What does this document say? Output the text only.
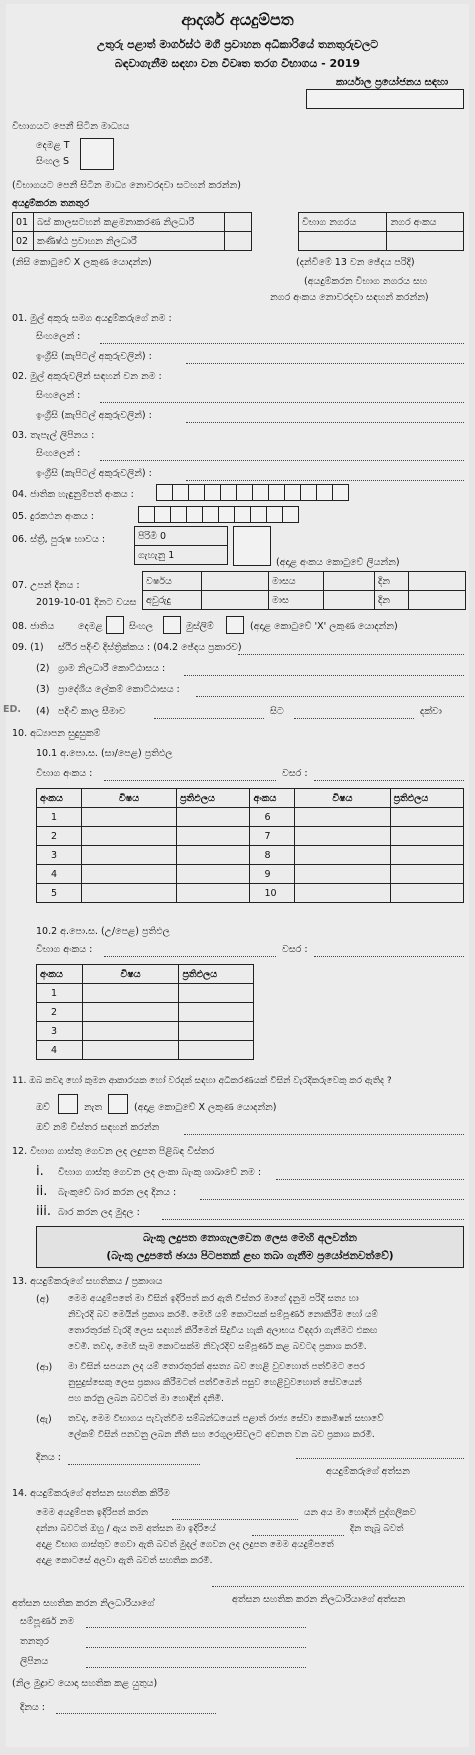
ආදර්ශ අයදුම්පත
උතුරු පළාත් මාර්ගස්ථ මගී ප්‍රවාහන අධිකාරියේ තනතුරුවලට
බඳවාගැනීම සඳහා වන විවෘත තරග විභාගය - 2019
කාර්යාල ප්‍රයෝජනය සඳහා
විභාගයට පෙනී සිටින මාධ්‍යය
දෙමළ T
සිංහල S
(විභාගයට පෙනී සිටින මාධ්‍ය නොවරදවා සටහන් කරන්න)
අයදුම්කරන තනතුර
01	බස් කාලසටහන් කළමනාකරණ නිලධාරී	
02	කණිෂ්ඨ ප්‍රවාහන නිලධාරී	
විභාග නගරය	නගර අංකය

(නිසි කොටුවේ X ලකුණ යොදන්න)	(දන්වීමේ 13 වන ඡේදය පරිදි)
(අයදුම්කරන විභාග නගරය සහ
නගර අංකය නොවරදවා සඳහන් කරන්න)
01. මුල් අකුරු සමග අයදුම්කරුගේ නම :
සිංහලෙන් :
ඉංග්‍රීසි (කැපිටල් අකුරුවලින්) :
02. මුල් අකුරුවලින් සඳහන් වන නම :
සිංහලෙන් :
ඉංග්‍රීසි (කැපිටල් අකුරුවලින්) :
03. තැපැල් ලිපිනය :
සිංහලෙන් :
ඉංග්‍රීසි (කැපිටල් අකුරුවලින්) :
04. ජාතික හැඳුනුම්පත් අංකය :
05. දුරකථන අංකය :
06. ස්ත්‍රී, පුරුෂ භාවය :	පිරිමි 0
ගැහැනු 1
(අදාළ අංකය කොටුවේ ලියන්න)
07. උපන් දිනය :	වර්ෂය		මාසය		දින	
අවුරුදු		මාස		දින	
2019-10-01 දිනට වයස
08. ජාතිය	දෙමළ	සිංහල	මුස්ලිම්	(අදාළ කොටුවේ 'X' ලකුණ යොදන්න)
09. (1) ස්ථිර පදිංචි දිස්ත්‍රික්කය : (04.2 ඡේදය ප්‍රකාරව)
(2) ග්‍රාම නිලධාරී කොට්ඨාසය :
(3) ප්‍රාදේශීය ලේකම් කොට්ඨාසය :
ED. (4) පදිංචි කාල සීමාව	සිට	දක්වා
10. අධ්‍යාපන සුදුසුකම්
10.1 අ.පො.ස. (සා/පෙළ) ප්‍රතිඵල
විභාග අංකය :	වසර :
අංකය	විෂය	ප්‍රතිඵලය	අංකය	විෂය	ප්‍රතිඵලය
1			6		
2			7		
3			8		
4			9		
5			10		
10.2 අ.පො.ස. (උ/පෙළ) ප්‍රතිඵල
විභාග අංකය :	වසර :
අංකය	විෂය	ප්‍රතිඵලය
1		
2		
3		
4		
11. ඔබ කවදා හෝ කුමන ආකාරයක හෝ වරදක් සඳහා අධිකරණයක් විසින් වැරදිකරුවෙකු කර ඇතිද ?
ඔව්	නැත	(අදාළ කොටුවේ X ලකුණ යොදන්න)
ඔව් නම් විස්තර සඳහන් කරන්න
12. විභාග ගාස්තු ගෙවන ලද ලදුපත පිළිබඳ විස්තර
i. විභාග ගාස්තු ගෙවන ලද ලංකා බැංකු ශාඛාවේ නම :
ii. බැංකුවේ බාර කරන ලද දිනය :
iii. බාර කරන ලද මුදල :
බැංකු ලදුපත නොගැලවෙන ලෙස මෙහි අලවන්න
(බැංකු ලදුපතේ ඡායා පිටපතක් ළඟ තබා ගැනීම ප්‍රයෝජනවත්වේ)
13. අයදුම්කරුගේ සහතිකය / ප්‍රකාශය
(අ) මෙම අයදුම්පතේ මා විසින් ඉදිරිපත් කර ඇති විස්තර මාගේ දැනුම පරිදි සත්‍ය හා
නිවැරදි බව මෙයින් ප්‍රකාශ කරමි. මෙහි යම් කොටසක් සම්පූර්ණ නොකිරීම හෝ යම්
තොරතුරක් වැරදි ලෙස සඳහන් කිරීමෙන් සිදුවිය හැකි අලාභය විඳදරා ගැනීමට එකඟ
වෙමි. තවද, මෙහි සෑම කොටසක්ම නිවැරදිව සම්පූර්ණ කළ බවටද ප්‍රකාශ කරමි.
(ආ) මා විසින් සපයන ලද යම් තොරතුරක් අසත්‍ය බව හෙළි වුවහොත් පත්වීමට පෙර
නුසුදුස්සෙකු ලෙස ප්‍රකාශ කිරීමටත් පත්වීමෙන් පසුව හෙළිවුවහොත් සේවයෙන්
පහ කරනු ලබන බවටත් මා හොඳින් දනිමි.
(ඇ) තවද, මෙම විභාගය පැවැත්වීම සම්බන්ධයෙන් පළාත් රාජ්‍ය සේවා කොමිෂන් සභාවේ
ලේකම් විසින් පනවනු ලබන නීති සහ රෙගුලාසිවලට අවනත වන බව ප්‍රකාශ කරමි.
දිනය :
අයදුම්කරුගේ අත්සන
14. අයදුම්කරුගේ අත්සන සහතික කිරීම
මෙම අයදුම්පත ඉදිරිපත් කරන	යන අය මා හොඳින් පුද්ගලිකව
දන්නා බවටත් ඔහු / ඇය තම අත්සන මා ඉදිරියේ	දින තැබූ බවත්
අදාළ විභාග ගාස්තුව ගෙවා ඇති බවත් මුදල් ගෙවන ලද ලදුපත මෙම අයදුම්පතේ
අදාළ කොටසේ අලවා ඇති බවත් සහතික කරමි.
අත්සන සහතික කරන නිලධාරියාගේ	අත්සන සහතික කරන නිලධාරියාගේ අත්සන
සම්පූර්ණ නම
තනතුර
ලිපිනය
(නිල මුද්‍රාව යොදා සහතික කළ යුතුය)
දිනය :
